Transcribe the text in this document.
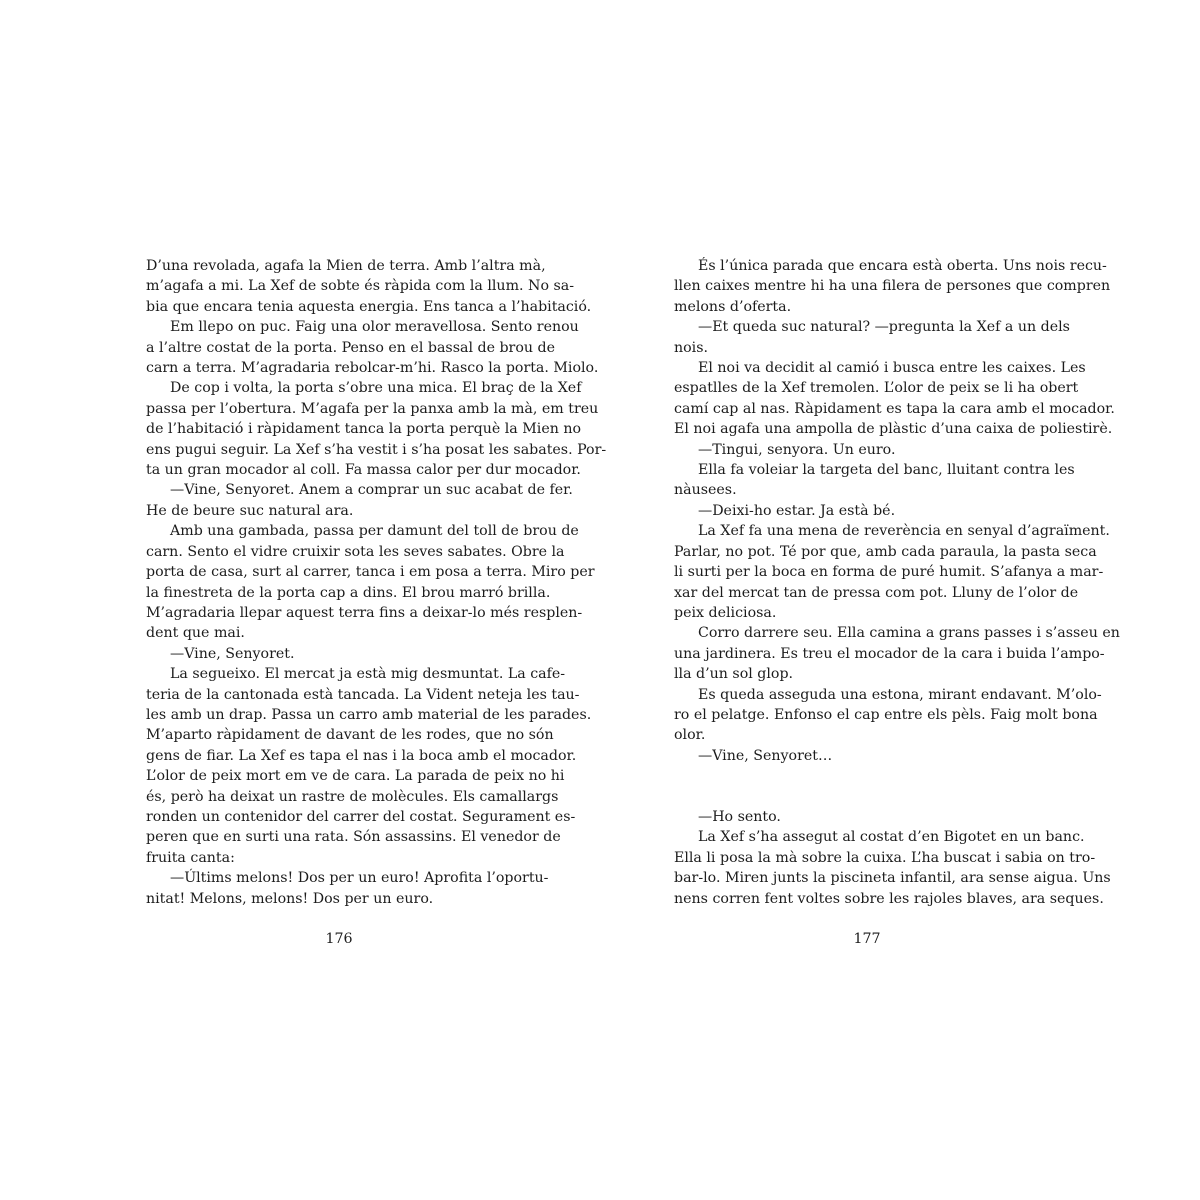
D’una revolada, agafa la Mien de terra. Amb l’altra mà,
m’agafa a mi. La Xef de sobte és ràpida com la llum. No sa-
bia que encara tenia aquesta energia. Ens tanca a l’habitació.
Em llepo on puc. Faig una olor meravellosa. Sento renou
a l’altre costat de la porta. Penso en el bassal de brou de
carn a terra. M’agradaria rebolcar-m’hi. Rasco la porta. Miolo.
De cop i volta, la porta s’obre una mica. El braç de la Xef
passa per l’obertura. M’agafa per la panxa amb la mà, em treu
de l’habitació i ràpidament tanca la porta perquè la Mien no
ens pugui seguir. La Xef s’ha vestit i s’ha posat les sabates. Por-
ta un gran mocador al coll. Fa massa calor per dur mocador.
—Vine, Senyoret. Anem a comprar un suc acabat de fer.
He de beure suc natural ara.
Amb una gambada, passa per damunt del toll de brou de
carn. Sento el vidre cruixir sota les seves sabates. Obre la
porta de casa, surt al carrer, tanca i em posa a terra. Miro per
la finestreta de la porta cap a dins. El brou marró brilla.
M’agradaria llepar aquest terra fins a deixar-lo més resplen-
dent que mai.
—Vine, Senyoret.
La segueixo. El mercat ja està mig desmuntat. La cafe-
teria de la cantonada està tancada. La Vident neteja les tau-
les amb un drap. Passa un carro amb material de les parades.
M’aparto ràpidament de davant de les rodes, que no són
gens de fiar. La Xef es tapa el nas i la boca amb el mocador.
L’olor de peix mort em ve de cara. La parada de peix no hi
és, però ha deixat un rastre de molècules. Els camallargs
ronden un contenidor del carrer del costat. Segurament es-
peren que en surti una rata. Són assassins. El venedor de
fruita canta:
—Últims melons! Dos per un euro! Aprofita l’oportu-
nitat! Melons, melons! Dos per un euro.
176
És l’única parada que encara està oberta. Uns nois recu-
llen caixes mentre hi ha una filera de persones que compren
melons d’oferta.
—Et queda suc natural? —pregunta la Xef a un dels
nois.
El noi va decidit al camió i busca entre les caixes. Les
espatlles de la Xef tremolen. L’olor de peix se li ha obert
camí cap al nas. Ràpidament es tapa la cara amb el mocador.
El noi agafa una ampolla de plàstic d’una caixa de poliestirè.
—Tingui, senyora. Un euro.
Ella fa voleiar la targeta del banc, lluitant contra les
nàusees.
—Deixi-ho estar. Ja està bé.
La Xef fa una mena de reverència en senyal d’agraïment.
Parlar, no pot. Té por que, amb cada paraula, la pasta seca
li surti per la boca en forma de puré humit. S’afanya a mar-
xar del mercat tan de pressa com pot. Lluny de l’olor de
peix deliciosa.
Corro darrere seu. Ella camina a grans passes i s’asseu en
una jardinera. Es treu el mocador de la cara i buida l’ampo-
lla d’un sol glop.
Es queda asseguda una estona, mirant endavant. M’olo-
ro el pelatge. Enfonso el cap entre els pèls. Faig molt bona
olor.
—Vine, Senyoret…
—Ho sento.
La Xef s’ha assegut al costat d’en Bigotet en un banc.
Ella li posa la mà sobre la cuixa. L’ha buscat i sabia on tro-
bar-lo. Miren junts la piscineta infantil, ara sense aigua. Uns
nens corren fent voltes sobre les rajoles blaves, ara seques.
177
